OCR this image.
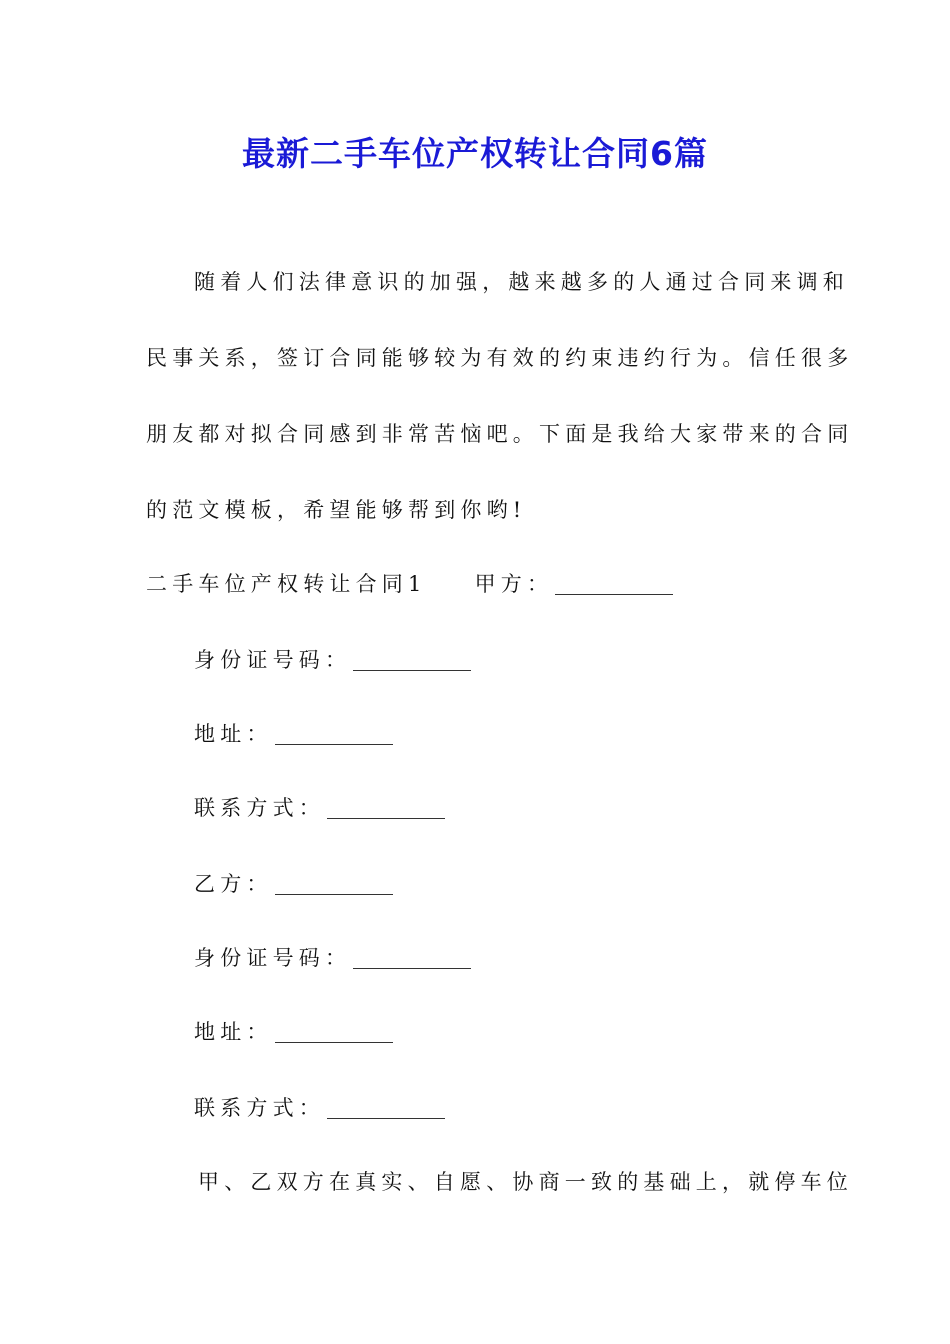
最新二手车位产权转让合同6篇

随着人们法律意识的加强，越来越多的人通过合同来调和

民事关系，签订合同能够较为有效的约束违约行为。信任很多

朋友都对拟合同感到非常苦恼吧。下面是我给大家带来的合同

的范文模板，希望能够帮到你哟!

二手车位产权转让合同1 甲方：

身份证号码：

地址：

联系方式：

乙方：

身份证号码：

地址：

联系方式：

甲、乙双方在真实、自愿、协商一致的基础上，就停车位
